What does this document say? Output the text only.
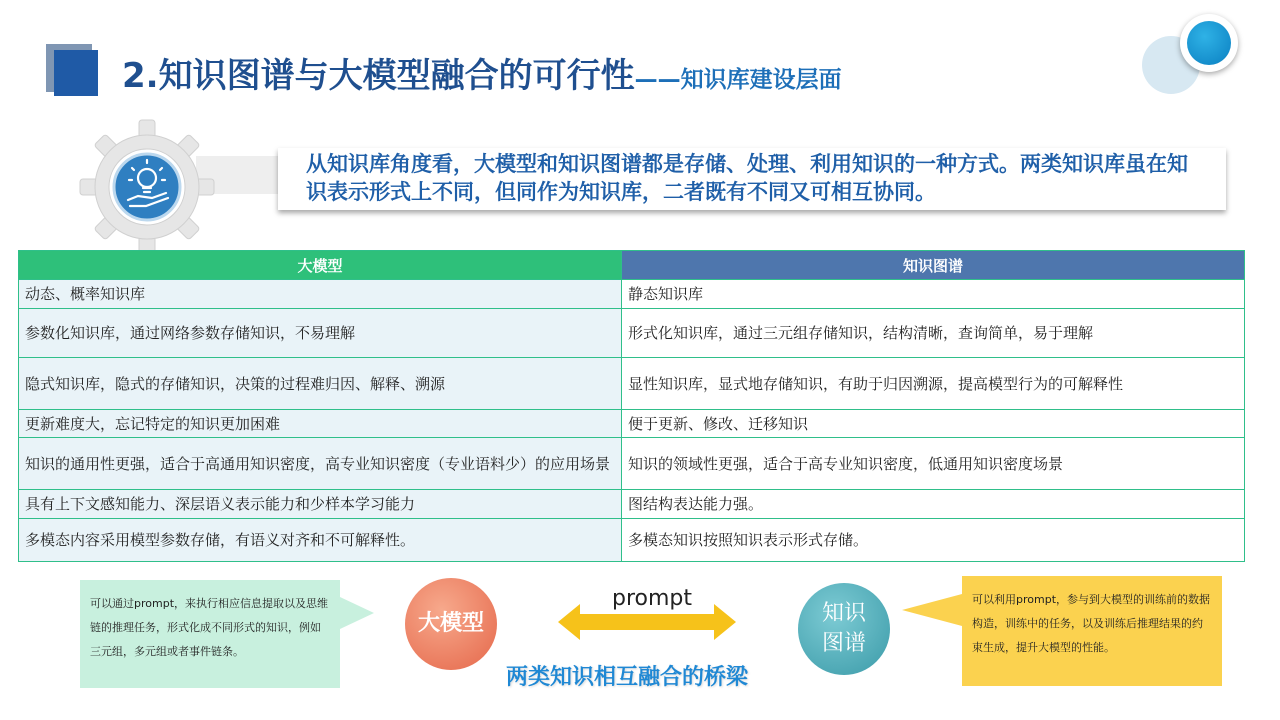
2.知识图谱与大模型融合的可行性——知识库建设层面
从知识库角度看，大模型和知识图谱都是存储、处理、利用知识的一种方式。两类知识库虽在知识表示形式上不同，但同作为知识库，二者既有不同又可相互协同。
大模型	知识图谱
动态、概率知识库	静态知识库
参数化知识库，通过网络参数存储知识，不易理解	形式化知识库，通过三元组存储知识，结构清晰，查询简单，易于理解
隐式知识库，隐式的存储知识，决策的过程难归因、解释、溯源	显性知识库，显式地存储知识，有助于归因溯源，提高模型行为的可解释性
更新难度大，忘记特定的知识更加困难	便于更新、修改、迁移知识
知识的通用性更强，适合于高通用知识密度，高专业知识密度（专业语料少）的应用场景	知识的领域性更强，适合于高专业知识密度，低通用知识密度场景
具有上下文感知能力、深层语义表示能力和少样本学习能力	图结构表达能力强。
多模态内容采用模型参数存储，有语义对齐和不可解释性。	多模态知识按照知识表示形式存储。
可以通过prompt，来执行相应信息提取以及思维链的推理任务，形式化成不同形式的知识，例如三元组，多元组或者事件链条。
大模型
prompt
知识
图谱
可以利用prompt，参与到大模型的训练前的数据构造，训练中的任务，以及训练后推理结果的约束生成，提升大模型的性能。
两类知识相互融合的桥梁
